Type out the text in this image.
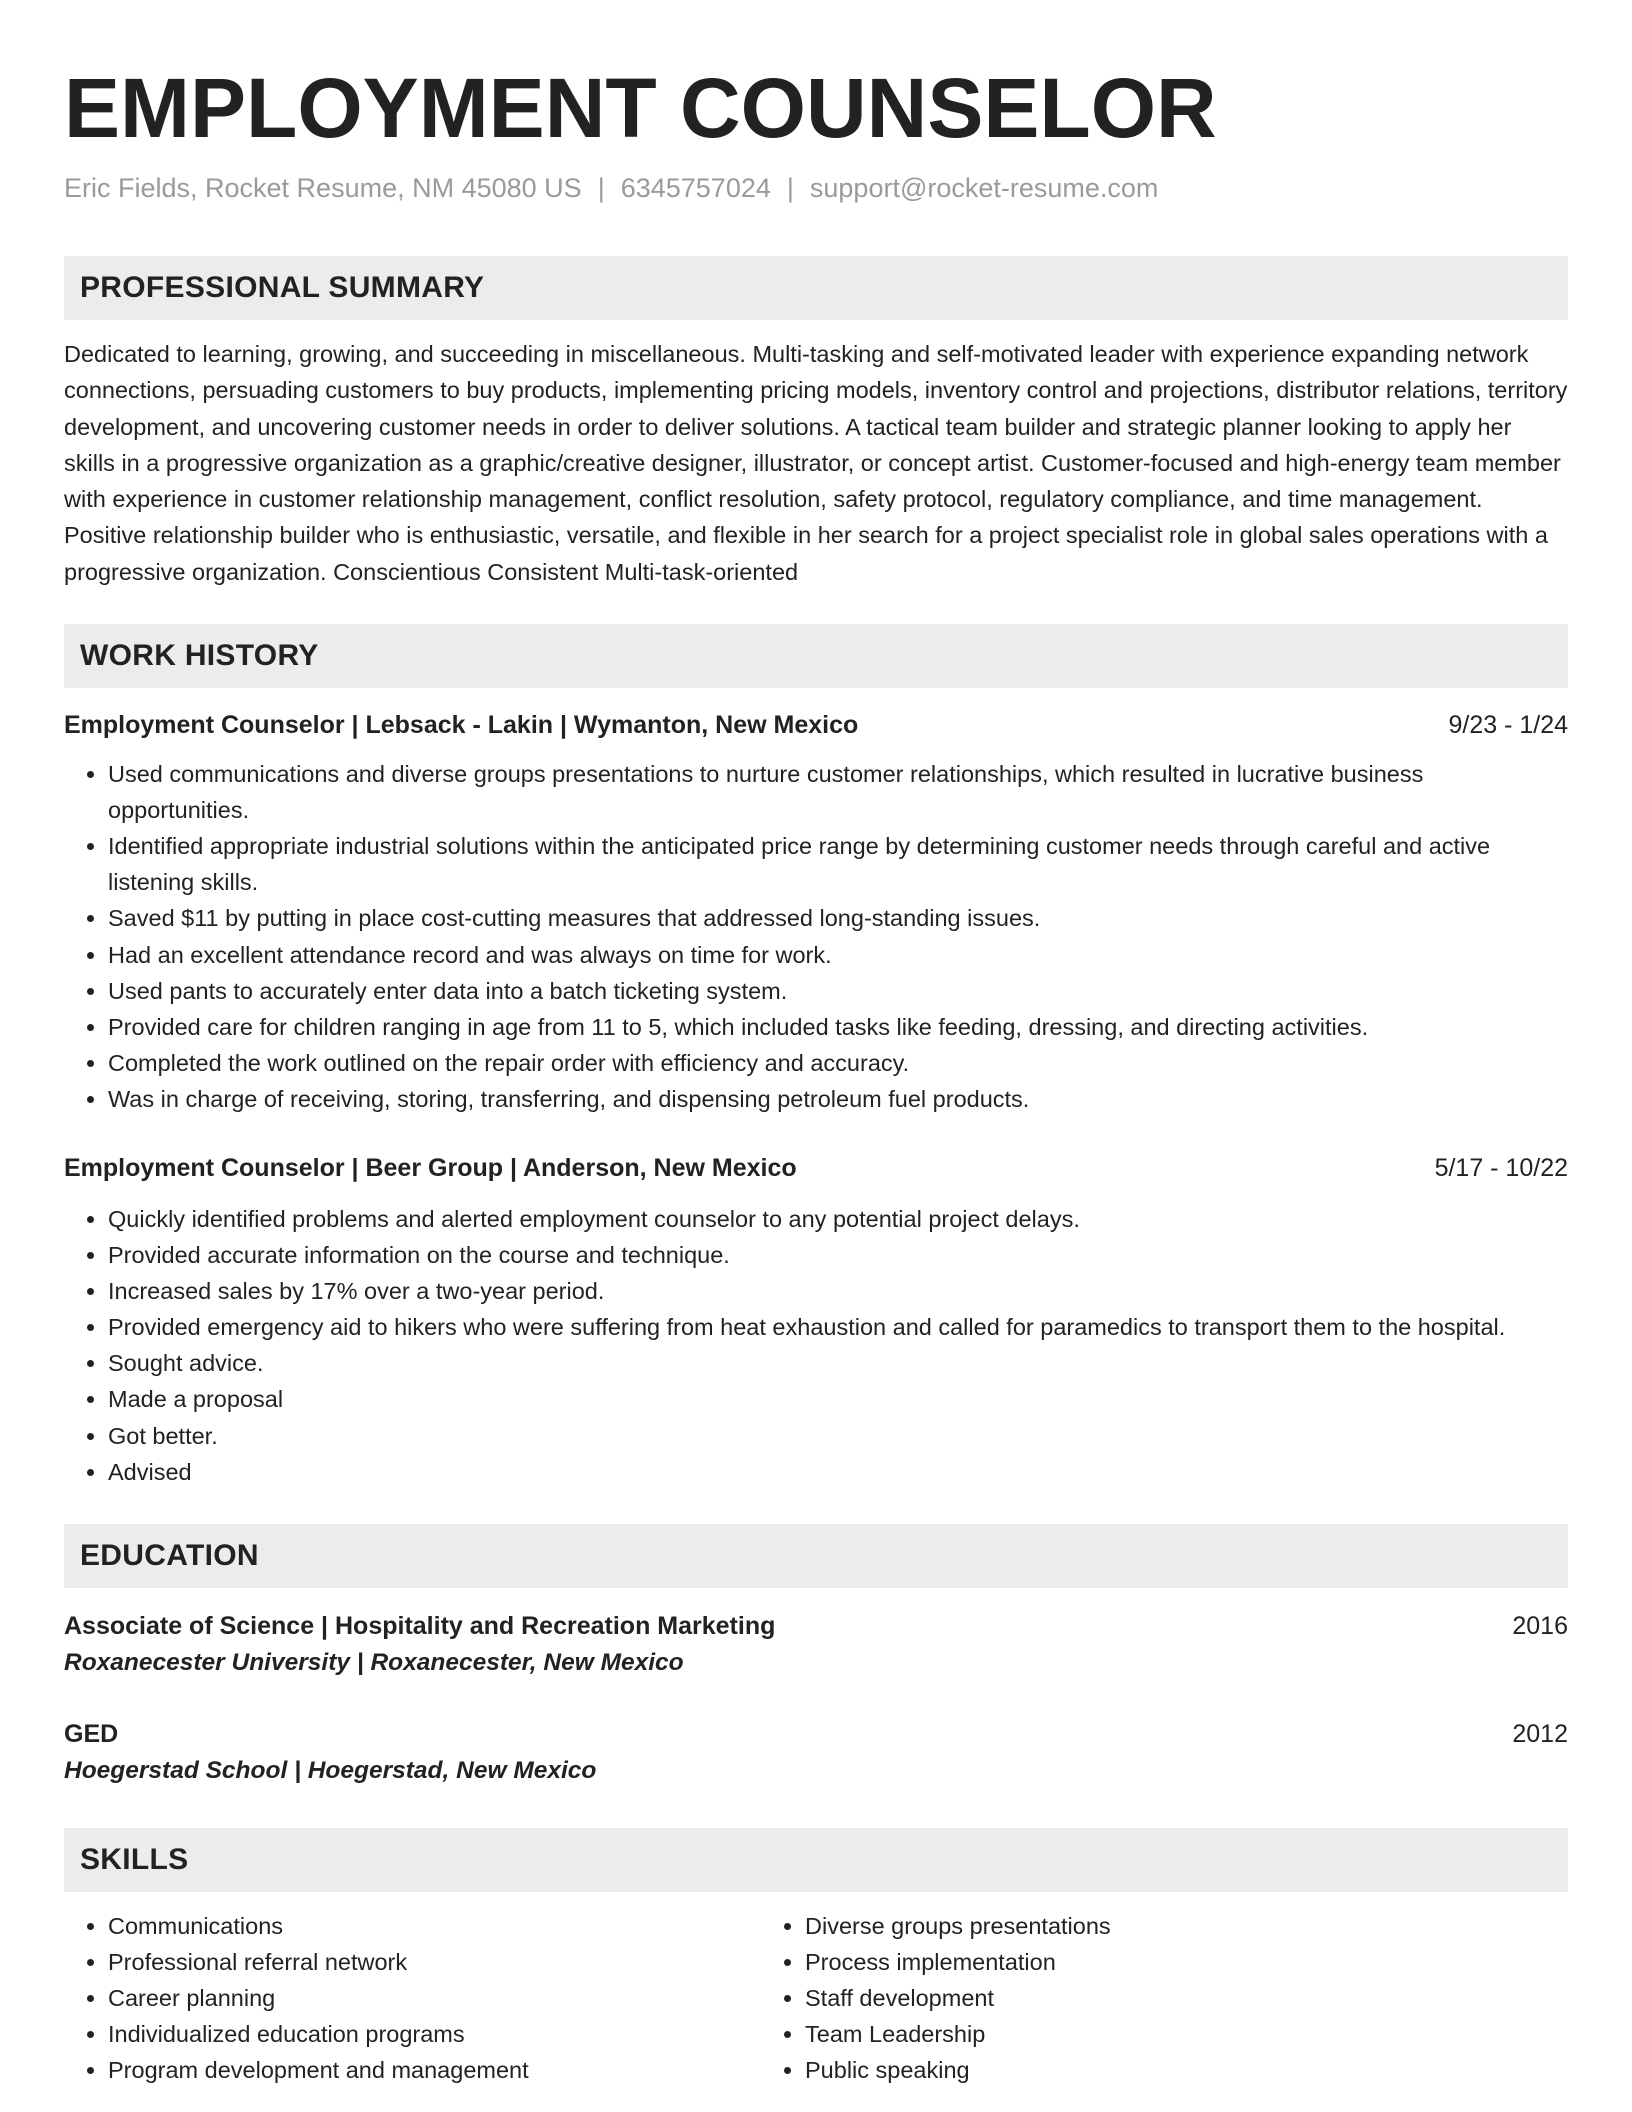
EMPLOYMENT COUNSELOR
Eric Fields, Rocket Resume, NM 45080 US | 6345757024 | support@rocket-resume.com
PROFESSIONAL SUMMARY
Dedicated to learning, growing, and succeeding in miscellaneous. Multi-tasking and self-motivated leader with experience expanding network connections, persuading customers to buy products, implementing pricing models, inventory control and projections, distributor relations, territory development, and uncovering customer needs in order to deliver solutions. A tactical team builder and strategic planner looking to apply her skills in a progressive organization as a graphic/creative designer, illustrator, or concept artist. Customer-focused and high-energy team member with experience in customer relationship management, conflict resolution, safety protocol, regulatory compliance, and time management. Positive relationship builder who is enthusiastic, versatile, and flexible in her search for a project specialist role in global sales operations with a progressive organization. Conscientious Consistent Multi-task-oriented
WORK HISTORY
Employment Counselor | Lebsack - Lakin | Wymanton, New Mexico	9/23 - 1/24
• Used communications and diverse groups presentations to nurture customer relationships, which resulted in lucrative business opportunities.
• Identified appropriate industrial solutions within the anticipated price range by determining customer needs through careful and active listening skills.
• Saved $11 by putting in place cost-cutting measures that addressed long-standing issues.
• Had an excellent attendance record and was always on time for work.
• Used pants to accurately enter data into a batch ticketing system.
• Provided care for children ranging in age from 11 to 5, which included tasks like feeding, dressing, and directing activities.
• Completed the work outlined on the repair order with efficiency and accuracy.
• Was in charge of receiving, storing, transferring, and dispensing petroleum fuel products.
Employment Counselor | Beer Group | Anderson, New Mexico	5/17 - 10/22
• Quickly identified problems and alerted employment counselor to any potential project delays.
• Provided accurate information on the course and technique.
• Increased sales by 17% over a two-year period.
• Provided emergency aid to hikers who were suffering from heat exhaustion and called for paramedics to transport them to the hospital.
• Sought advice.
• Made a proposal
• Got better.
• Advised
EDUCATION
Associate of Science | Hospitality and Recreation Marketing	2016
Roxanecester University | Roxanecester, New Mexico
GED	2012
Hoegerstad School | Hoegerstad, New Mexico
SKILLS
• Communications
• Professional referral network
• Career planning
• Individualized education programs
• Program development and management
• Diverse groups presentations
• Process implementation
• Staff development
• Team Leadership
• Public speaking
